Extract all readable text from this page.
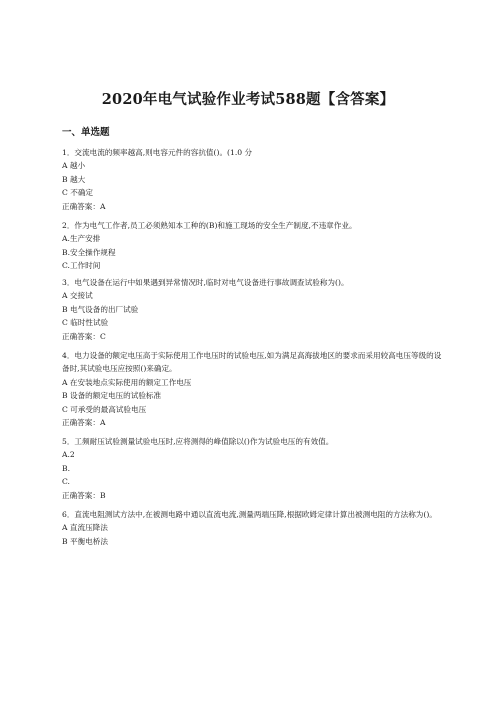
2020年电气试验作业考试588题【含答案】
一、单选题
1．交流电流的频率越高,则电容元件的容抗值()。(1.0 分
A 越小
B 越大
C 不确定
正确答案：A
2．作为电气工作者,员工必须熟知本工种的(B)和施工现场的安全生产制度,不违章作业。
A.生产安排
B.安全操作规程
C.工作时间
3．电气设备在运行中如果遇到异常情况时,临时对电气设备进行事故调查试验称为()。
A 交接试
B 电气设备的出厂试验
C 临时性试验
正确答案：C
4．电力设备的额定电压高于实际使用工作电压时的试验电压,如为满足高海拔地区的要求而采用较高电压等级的设备时,其试验电压应按照()来确定。
A 在安装地点实际使用的额定工作电压
B 设备的额定电压的试验标准
C 可承受的最高试验电压
正确答案：A
5．工频耐压试验测量试验电压时,应将测得的峰值除以()作为试验电压的有效值。
A.2
B.
C.
正确答案：B
6．直流电阻测试方法中,在被测电路中通以直流电流,测量两端压降,根据欧姆定律计算出被测电阻的方法称为()。
A 直流压降法
B 平衡电桥法
